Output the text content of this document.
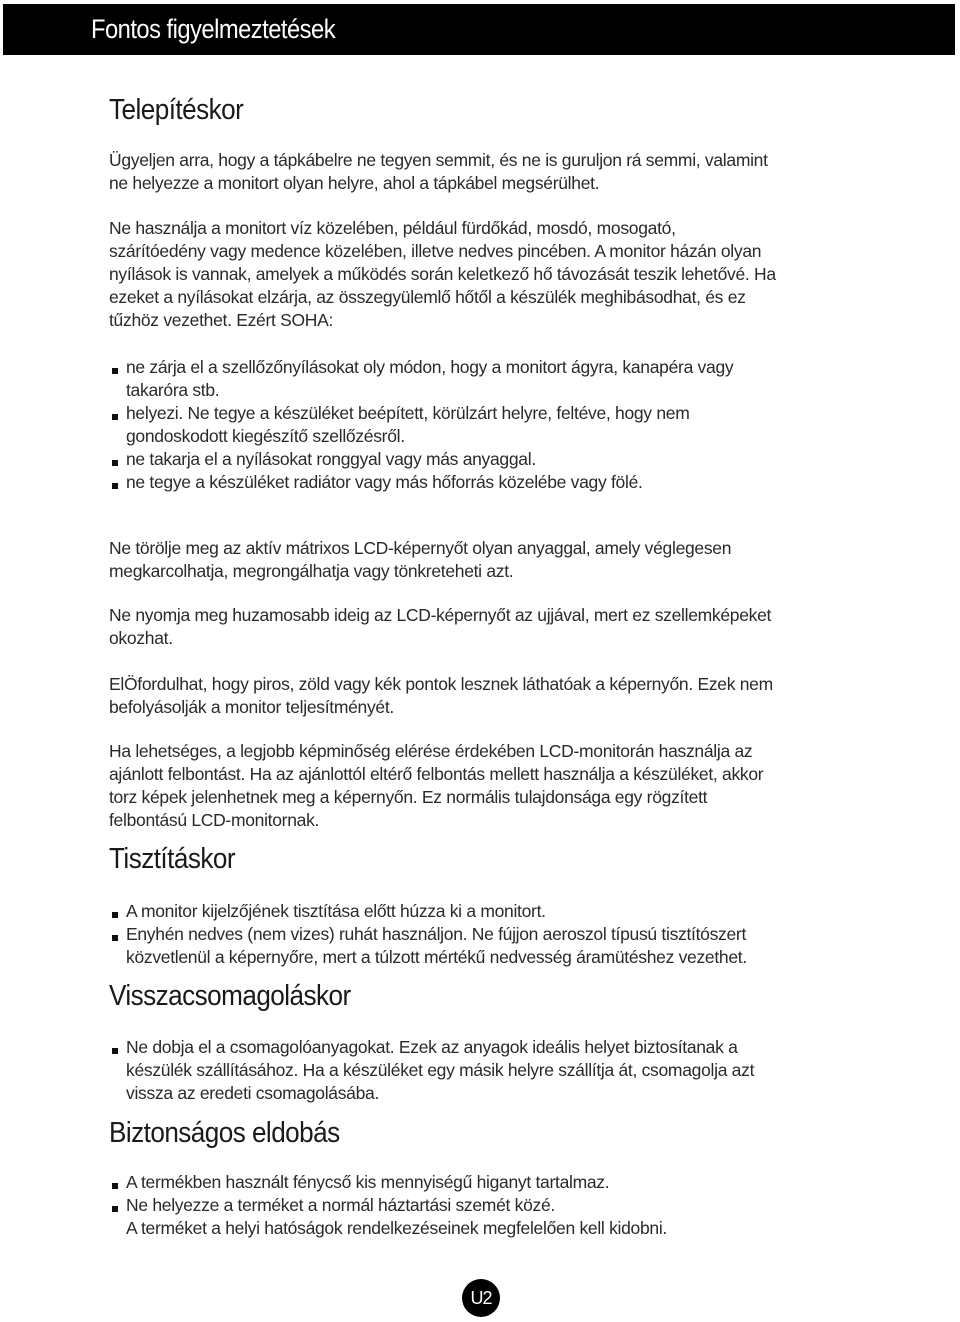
Fontos figyelmeztetések
Telepítéskor
Ügyeljen arra, hogy a tápkábelre ne tegyen semmit, és ne is guruljon rá semmi, valamint
ne helyezze a monitort olyan helyre, ahol a tápkábel megsérülhet.
Ne használja a monitort víz közelében, például fürdőkád, mosdó, mosogató,
szárítóedény vagy medence közelében, illetve nedves pincében. A monitor házán olyan
nyílások is vannak, amelyek a működés során keletkező hő távozását teszik lehetővé. Ha
ezeket a nyílásokat elzárja, az összegyülemlő hőtől a készülék meghibásodhat, és ez
tűzhöz vezethet. Ezért SOHA:
ne zárja el a szellőzőnyílásokat oly módon, hogy a monitort ágyra, kanapéra vagy
takaróra stb.
helyezi. Ne tegye a készüléket beépített, körülzárt helyre, feltéve, hogy nem
gondoskodott kiegészítő szellőzésről.
ne takarja el a nyílásokat ronggyal vagy más anyaggal.
ne tegye a készüléket radiátor vagy más hőforrás közelébe vagy fölé.
Ne törölje meg az aktív mátrixos LCD-képernyőt olyan anyaggal, amely véglegesen
megkarcolhatja, megrongálhatja vagy tönkreteheti azt.
Ne nyomja meg huzamosabb ideig az LCD-képernyőt az ujjával, mert ez szellemképeket
okozhat.
ElÖfordulhat, hogy piros, zöld vagy kék pontok lesznek láthatóak a képernyőn. Ezek nem
befolyásolják a monitor teljesítményét.
Ha lehetséges, a legjobb képminőség elérése érdekében LCD-monitorán használja az
ajánlott felbontást. Ha az ajánlottól eltérő felbontás mellett használja a készüléket, akkor
torz képek jelenhetnek meg a képernyőn. Ez normális tulajdonsága egy rögzített
felbontású LCD-monitornak.
Tisztításkor
A monitor kijelzőjének tisztítása előtt húzza ki a monitort.
Enyhén nedves (nem vizes) ruhát használjon. Ne fújjon aeroszol típusú tisztítószert
közvetlenül a képernyőre, mert a túlzott mértékű nedvesség áramütéshez vezethet.
Visszacsomagoláskor
Ne dobja el a csomagolóanyagokat. Ezek az anyagok ideális helyet biztosítanak a
készülék szállításához. Ha a készüléket egy másik helyre szállítja át, csomagolja azt
vissza az eredeti csomagolásába.
Biztonságos eldobás
A termékben használt fénycső kis mennyiségű higanyt tartalmaz.
Ne helyezze a terméket a normál háztartási szemét közé.
A terméket a helyi hatóságok rendelkezéseinek megfelelően kell kidobni.
U2
